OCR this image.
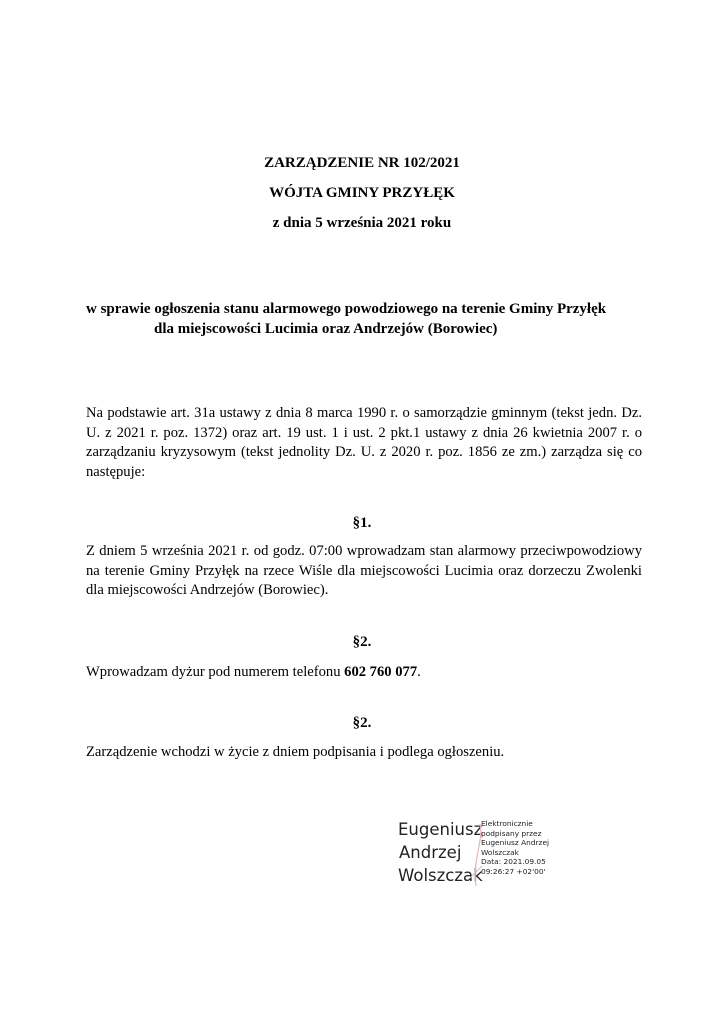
ZARZĄDZENIE NR 102/2021
WÓJTA GMINY PRZYŁĘK
z dnia 5 września 2021 roku
w sprawie ogłoszenia stanu alarmowego powodziowego na terenie Gminy Przyłęk
dla miejscowości Lucimia oraz Andrzejów (Borowiec)
Na podstawie art. 31a ustawy z dnia 8 marca 1990 r. o samorządzie gminnym (tekst jedn. Dz. U. z 2021 r. poz. 1372) oraz art. 19 ust. 1 i ust. 2 pkt.1 ustawy z dnia 26 kwietnia 2007 r. o zarządzaniu kryzysowym (tekst jednolity Dz. U. z 2020 r. poz. 1856 ze zm.) zarządza się co następuje:
§1.
Z dniem 5 września 2021 r. od godz. 07:00 wprowadzam stan alarmowy przeciwpowodziowy na terenie Gminy Przyłęk na rzece Wiśle dla miejscowości Lucimia oraz dorzeczu Zwolenki dla miejscowości Andrzejów (Borowiec).
§2.
Wprowadzam dyżur pod numerem telefonu 602 760 077.
§2.
Zarządzenie wchodzi w życie z dniem podpisania i podlega ogłoszeniu.
Eugeniusz
Andrzej
Wolszczak
Elektronicznie
podpisany przez
Eugeniusz Andrzej
Wolszczak
Data: 2021.09.05
09:26:27 +02'00'
